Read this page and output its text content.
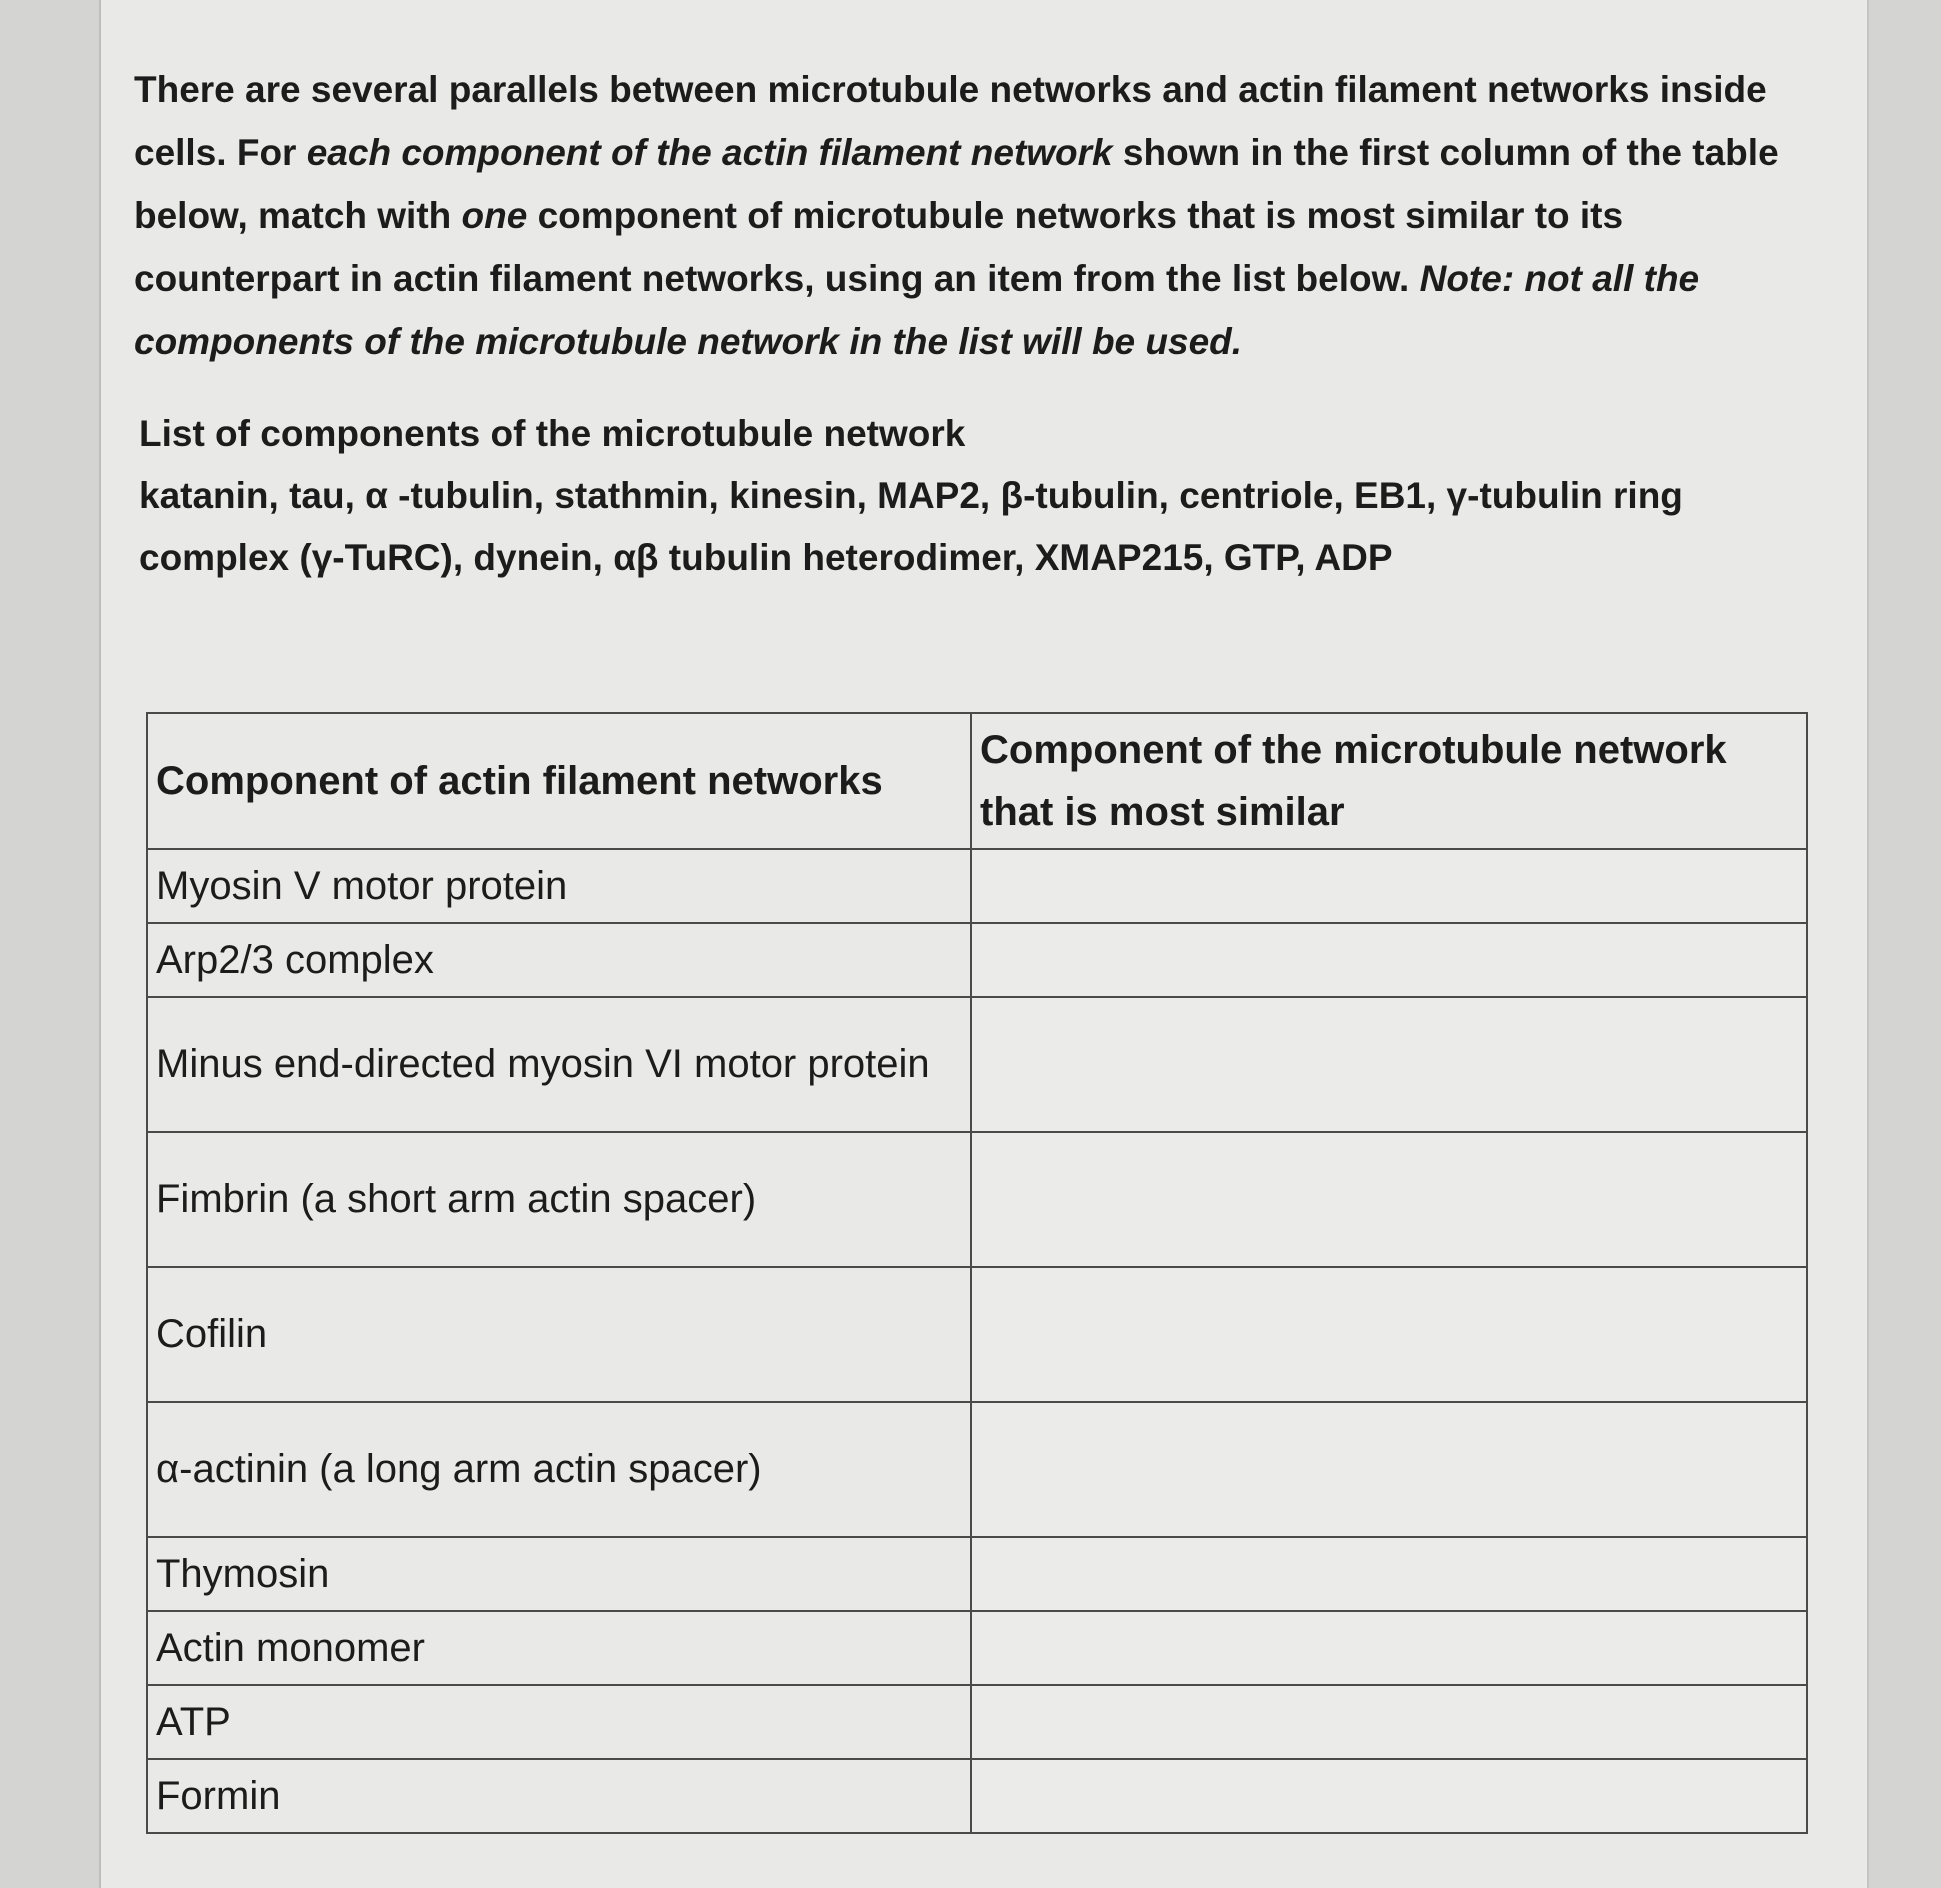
There are several parallels between microtubule networks and actin filament networks inside cells. For each component of the actin filament network shown in the first column of the table below, match with one component of microtubule networks that is most similar to its counterpart in actin filament networks, using an item from the list below. Note: not all the components of the microtubule network in the list will be used.

List of components of the microtubule network
katanin, tau, α -tubulin, stathmin, kinesin, MAP2, β-tubulin, centriole, EB1, γ-tubulin ring complex (γ-TuRC), dynein, αβ tubulin heterodimer, XMAP215, GTP, ADP
Component of actin filament networks	Component of the microtubule network that is most similar
Myosin V motor protein	
Arp2/3 complex	
Minus end-directed myosin VI motor protein	
Fimbrin (a short arm actin spacer)	
Cofilin	
α-actinin (a long arm actin spacer)	
Thymosin	
Actin monomer	
ATP	
Formin	
